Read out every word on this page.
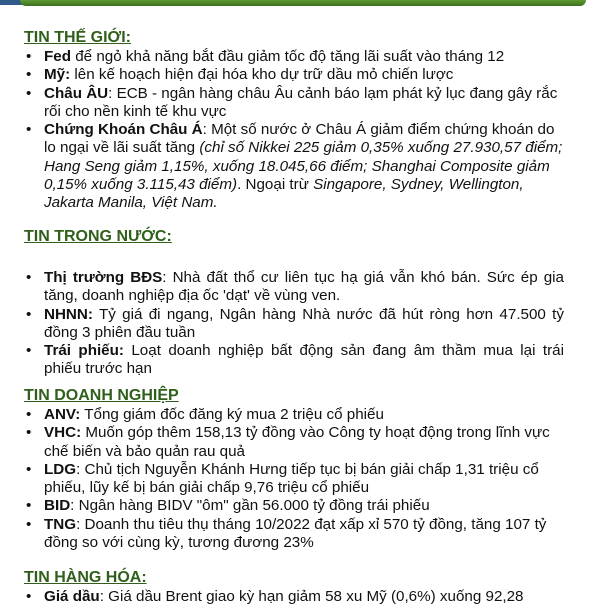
TIN THẾ GIỚI:
• Fed để ngỏ khả năng bắt đầu giảm tốc độ tăng lãi suất vào tháng 12
• Mỹ: lên kế hoạch hiện đại hóa kho dự trữ dầu mỏ chiến lược
• Châu ÂU: ECB - ngân hàng châu Âu cảnh báo lạm phát kỷ lục đang gây rắc rối cho nền kinh tế khu vực
• Chứng Khoán Châu Á: Một số nước ở Châu Á giảm điểm chứng khoán do lo ngại về lãi suất tăng (chỉ số Nikkei 225 giảm 0,35% xuống 27.930,57 điểm; Hang Seng giảm 1,15%, xuống 18.045,66 điểm; Shanghai Composite giảm 0,15% xuống 3.115,43 điểm). Ngoại trừ Singapore, Sydney, Wellington, Jakarta Manila, Việt Nam.
TIN TRONG NƯỚC:
• Thị trường BĐS: Nhà đất thổ cư liên tục hạ giá vẫn khó bán. Sức ép gia tăng, doanh nghiệp địa ốc 'dạt' về vùng ven.
• NHNN: Tỷ giá đi ngang, Ngân hàng Nhà nước đã hút ròng hơn 47.500 tỷ đồng 3 phiên đầu tuần
• Trái phiếu: Loạt doanh nghiệp bất động sản đang âm thầm mua lại trái phiếu trước hạn
TIN DOANH NGHIỆP
• ANV: Tổng giám đốc đăng ký mua 2 triệu cổ phiếu
• VHC: Muốn góp thêm 158,13 tỷ đồng vào Công ty hoạt động trong lĩnh vực chế biến và bảo quản rau quả
• LDG: Chủ tịch Nguyễn Khánh Hưng tiếp tục bị bán giải chấp 1,31 triệu cổ phiếu, lũy kế bị bán giải chấp 9,76 triệu cổ phiếu
• BID: Ngân hàng BIDV "ôm" gần 56.000 tỷ đồng trái phiếu
• TNG: Doanh thu tiêu thụ tháng 10/2022 đạt xấp xỉ 570 tỷ đồng, tăng 107 tỷ đồng so với cùng kỳ, tương đương 23%
TIN HÀNG HÓA:
• Giá dầu: Giá dầu Brent giao kỳ hạn giảm 58 xu Mỹ (0,6%) xuống 92,28
